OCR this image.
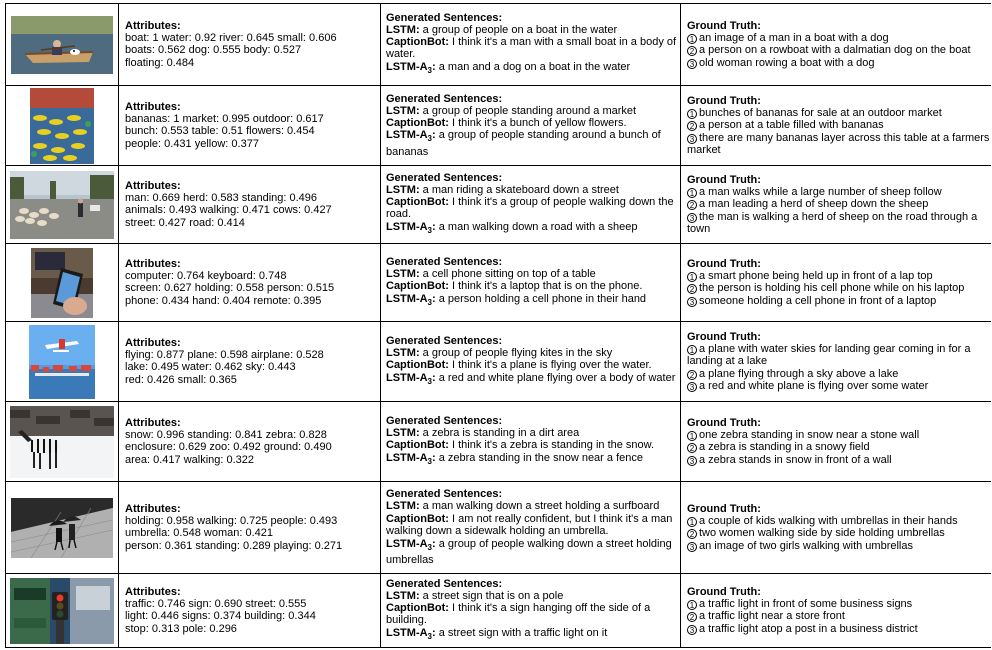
Attributes:
boat: 1 water: 0.92 river: 0.645 small: 0.606
boats: 0.562 dog: 0.555 body: 0.527
floating: 0.484
Generated Sentences:
LSTM: a group of people on a boat in the water
CaptionBot: I think it's a man with a small boat in a body of water.
LSTM-$A_3$: a man and a dog on a boat in the water
Ground Truth:
1 an image of a man in a boat with a dog
2 a person on a rowboat with a dalmatian dog on the boat
3 old woman rowing a boat with a dog
Attributes:
bananas: 1 market: 0.995 outdoor: 0.617
bunch: 0.553 table: 0.51 flowers: 0.454
people: 0.431 yellow: 0.377
Generated Sentences:
LSTM: a group of people standing around a market
CaptionBot: I think it's a bunch of yellow flowers.
LSTM-$A_3$: a group of people standing around a bunch of bananas
Ground Truth:
1 bunches of bananas for sale at an outdoor market
2 a person at a table filled with bananas
3 there are many bananas layer across this table at a farmers market
Attributes:
man: 0.669 herd: 0.583 standing: 0.496
animals: 0.493 walking: 0.471 cows: 0.427
street: 0.427 road: 0.414
Generated Sentences:
LSTM: a man riding a skateboard down a street
CaptionBot: I think it's a group of people walking down the road.
LSTM-$A_3$: a man walking down a road with a sheep
Ground Truth:
1 a man walks while a large number of sheep follow
2 a man leading a herd of sheep down the sheep
3 the man is walking a herd of sheep on the road through a town
Attributes:
computer: 0.764 keyboard: 0.748
screen: 0.627 holding: 0.558 person: 0.515
phone: 0.434 hand: 0.404 remote: 0.395
Generated Sentences:
LSTM: a cell phone sitting on top of a table
CaptionBot: I think it's a laptop that is on the phone.
LSTM-$A_3$: a person holding a cell phone in their hand
Ground Truth:
1 a smart phone being held up in front of a lap top
2 the person is holding his cell phone while on his laptop
3 someone holding a cell phone in front of a laptop
Attributes:
flying: 0.877 plane: 0.598 airplane: 0.528
lake: 0.495 water: 0.462 sky: 0.443
red: 0.426 small: 0.365
Generated Sentences:
LSTM: a group of people flying kites in the sky
CaptionBot: I think it's a plane is flying over the water.
LSTM-$A_3$: a red and white plane flying over a body of water
Ground Truth:
1 a plane with water skies for landing gear coming in for a landing at a lake
2 a plane flying through a sky above a lake
3 a red and white plane is flying over some water
Attributes:
snow: 0.996 standing: 0.841 zebra: 0.828
enclosure: 0.629 zoo: 0.492 ground: 0.490
area: 0.417 walking: 0.322
Generated Sentences:
LSTM: a zebra is standing in a dirt area
CaptionBot: I think it's a zebra is standing in the snow.
LSTM-$A_3$: a zebra standing in the snow near a fence
Ground Truth:
1 one zebra standing in snow near a stone wall
2 a zebra is standing in a snowy field
3 a zebra stands in snow in front of a wall
Attributes:
holding: 0.958 walking: 0.725 people: 0.493
umbrella: 0.548 woman: 0.421
person: 0.361 standing: 0.289 playing: 0.271
Generated Sentences:
LSTM: a man walking down a street holding a surfboard
CaptionBot: I am not really confident, but I think it's a man walking down a sidewalk holding an umbrella.
LSTM-$A_3$: a group of people walking down a street holding umbrellas
Ground Truth:
1 a couple of kids walking with umbrellas in their hands
2 two women walking side by side holding umbrellas
3 an image of two girls walking with umbrellas
Attributes:
traffic: 0.746 sign: 0.690 street: 0.555
light: 0.446 signs: 0.374 building: 0.344
stop: 0.313 pole: 0.296
Generated Sentences:
LSTM: a street sign that is on a pole
CaptionBot: I think it's a sign hanging off the side of a building.
LSTM-$A_3$: a street sign with a traffic light on it
Ground Truth:
1 a traffic light in front of some business signs
2 a traffic light near a store front
3 a traffic light atop a post in a business district
